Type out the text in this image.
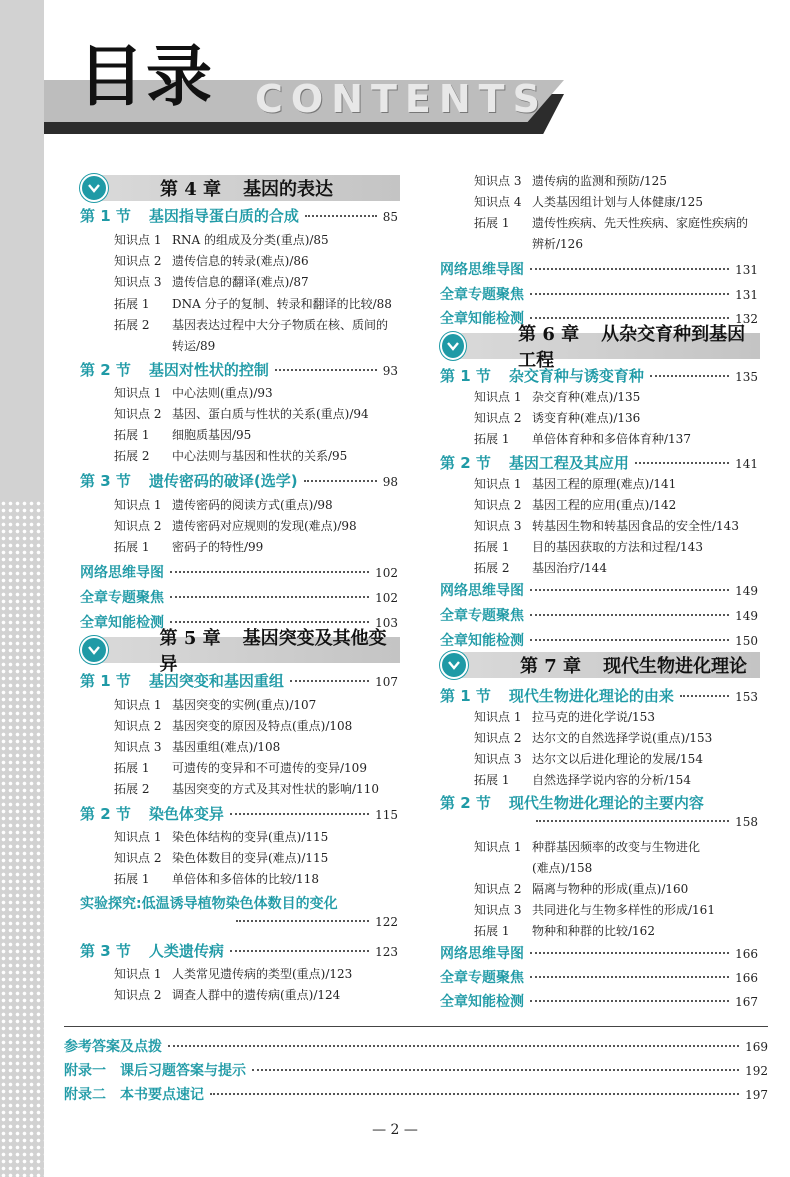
CONTENTS
目录
第 4 章 基因的表达
第 1 节 基因指导蛋白质的合成	85
知识点 1 RNA 的组成及分类(重点)/85
知识点 2 遗传信息的转录(难点)/86
知识点 3 遗传信息的翻译(难点)/87
拓展 1	DNA 分子的复制、转录和翻译的比较/88
拓展 2	基因表达过程中大分子物质在核、质间的
转运/89
第 2 节 基因对性状的控制	93
知识点 1 中心法则(重点)/93
知识点 2 基因、蛋白质与性状的关系(重点)/94
拓展 1	细胞质基因/95
拓展 2	中心法则与基因和性状的关系/95
第 3 节 遗传密码的破译(选学)	98
知识点 1 遗传密码的阅读方式(重点)/98
知识点 2 遗传密码对应规则的发现(难点)/98
拓展 1	密码子的特性/99
网络思维导图	102
全章专题聚焦	102
全章知能检测	103
第 5 章 基因突变及其他变异
第 1 节 基因突变和基因重组	107
知识点 1 基因突变的实例(重点)/107
知识点 2 基因突变的原因及特点(重点)/108
知识点 3 基因重组(难点)/108
拓展 1	可遗传的变异和不可遗传的变异/109
拓展 2	基因突变的方式及其对性状的影响/110
第 2 节 染色体变异	115
知识点 1 染色体结构的变异(重点)/115
知识点 2 染色体数目的变异(难点)/115
拓展 1	单倍体和多倍体的比较/118
实验探究:低温诱导植物染色体数目的变化
122
第 3 节 人类遗传病	123
知识点 1 人类常见遗传病的类型(重点)/123
知识点 2 调查人群中的遗传病(重点)/124
知识点 3 遗传病的监测和预防/125
知识点 4 人类基因组计划与人体健康/125
拓展 1	遗传性疾病、先天性疾病、家庭性疾病的
辨析/126
网络思维导图	131
全章专题聚焦	131
全章知能检测	132
第 6 章 从杂交育种到基因工程
第 1 节 杂交育种与诱变育种	135
知识点 1 杂交育种(难点)/135
知识点 2 诱变育种(难点)/136
拓展 1	单倍体育种和多倍体育种/137
第 2 节 基因工程及其应用	141
知识点 1 基因工程的原理(难点)/141
知识点 2 基因工程的应用(重点)/142
知识点 3 转基因生物和转基因食品的安全性/143
拓展 1	目的基因获取的方法和过程/143
拓展 2	基因治疗/144
网络思维导图	149
全章专题聚焦	149
全章知能检测	150
第 7 章 现代生物进化理论
第 1 节 现代生物进化理论的由来	153
知识点 1 拉马克的进化学说/153
知识点 2 达尔文的自然选择学说(重点)/153
知识点 3 达尔文以后进化理论的发展/154
拓展 1	自然选择学说内容的分析/154
第 2 节 现代生物进化理论的主要内容
158
知识点 1 种群基因频率的改变与生物进化
(难点)/158
知识点 2 隔离与物种的形成(重点)/160
知识点 3 共同进化与生物多样性的形成/161
拓展 1	物种和种群的比较/162
网络思维导图	166
全章专题聚焦	166
全章知能检测	167
参考答案及点拨	169
附录一　课后习题答案与提示	192
附录二　本书要点速记	197
— 2 —
